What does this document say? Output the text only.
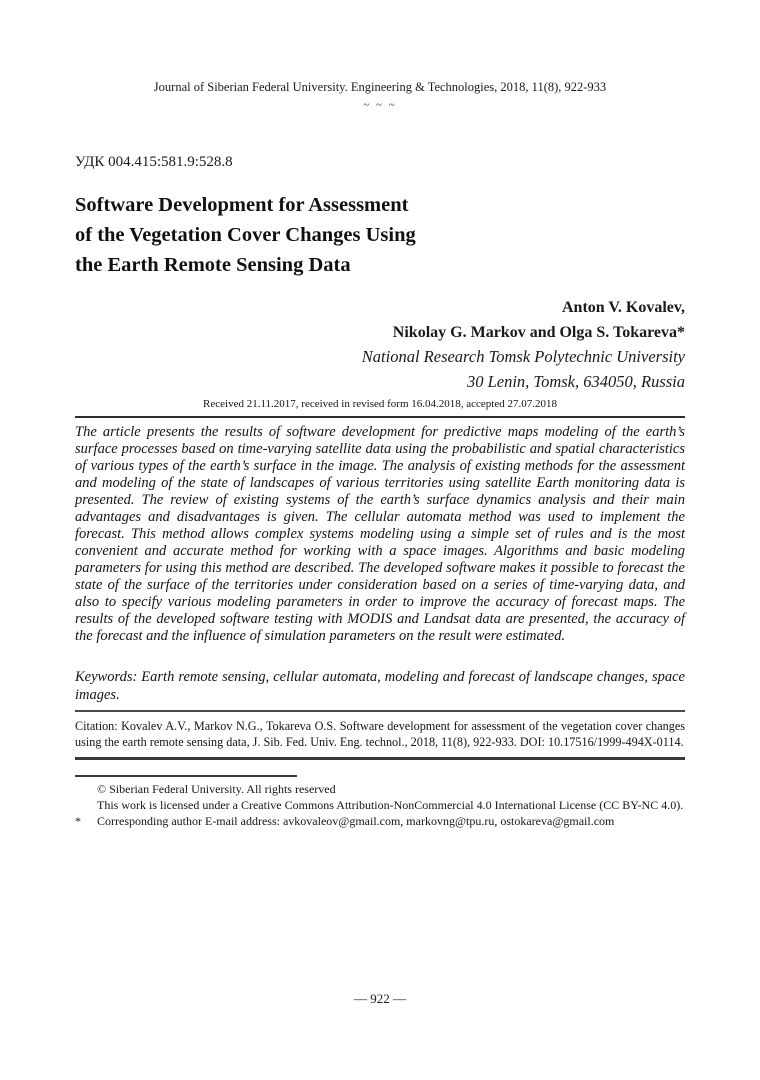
Journal of Siberian Federal University. Engineering & Technologies, 2018, 11(8), 922-933
~ ~ ~
УДК 004.415:581.9:528.8
Software Development for Assessment
of the Vegetation Cover Changes Using
the Earth Remote Sensing Data
Anton V. Kovalev,
Nikolay G. Markov and Olga S. Tokareva*
National Research Tomsk Polytechnic University
30 Lenin, Tomsk, 634050, Russia
Received 21.11.2017, received in revised form 16.04.2018, accepted 27.07.2018
The article presents the results of software development for predictive maps modeling of the earth’s surface processes based on time-varying satellite data using the probabilistic and spatial characteristics of various types of the earth’s surface in the image. The analysis of existing methods for the assessment and modeling of the state of landscapes of various territories using satellite Earth monitoring data is presented. The review of existing systems of the earth’s surface dynamics analysis and their main advantages and disadvantages is given. The cellular automata method was used to implement the forecast. This method allows complex systems modeling using a simple set of rules and is the most convenient and accurate method for working with a space images. Algorithms and basic modeling parameters for using this method are described. The developed software makes it possible to forecast the state of the surface of the territories under consideration based on a series of time-varying data, and also to specify various modeling parameters in order to improve the accuracy of forecast maps. The results of the developed software testing with MODIS and Landsat data are presented, the accuracy of the forecast and the influence of simulation parameters on the result were estimated.
Keywords: Earth remote sensing, cellular automata, modeling and forecast of landscape changes, space images.
Citation: Kovalev A.V., Markov N.G., Tokareva O.S. Software development for assessment of the vegetation cover changes using the earth remote sensing data, J. Sib. Fed. Univ. Eng. technol., 2018, 11(8), 922-933. DOI: 10.17516/1999-494X-0114.
© Siberian Federal University. All rights reserved
This work is licensed under a Creative Commons Attribution-NonCommercial 4.0 International License (CC BY-NC 4.0).
* Corresponding author E-mail address: avkovaleov@gmail.com, markovng@tpu.ru, ostokareva@gmail.com
— 922 —
